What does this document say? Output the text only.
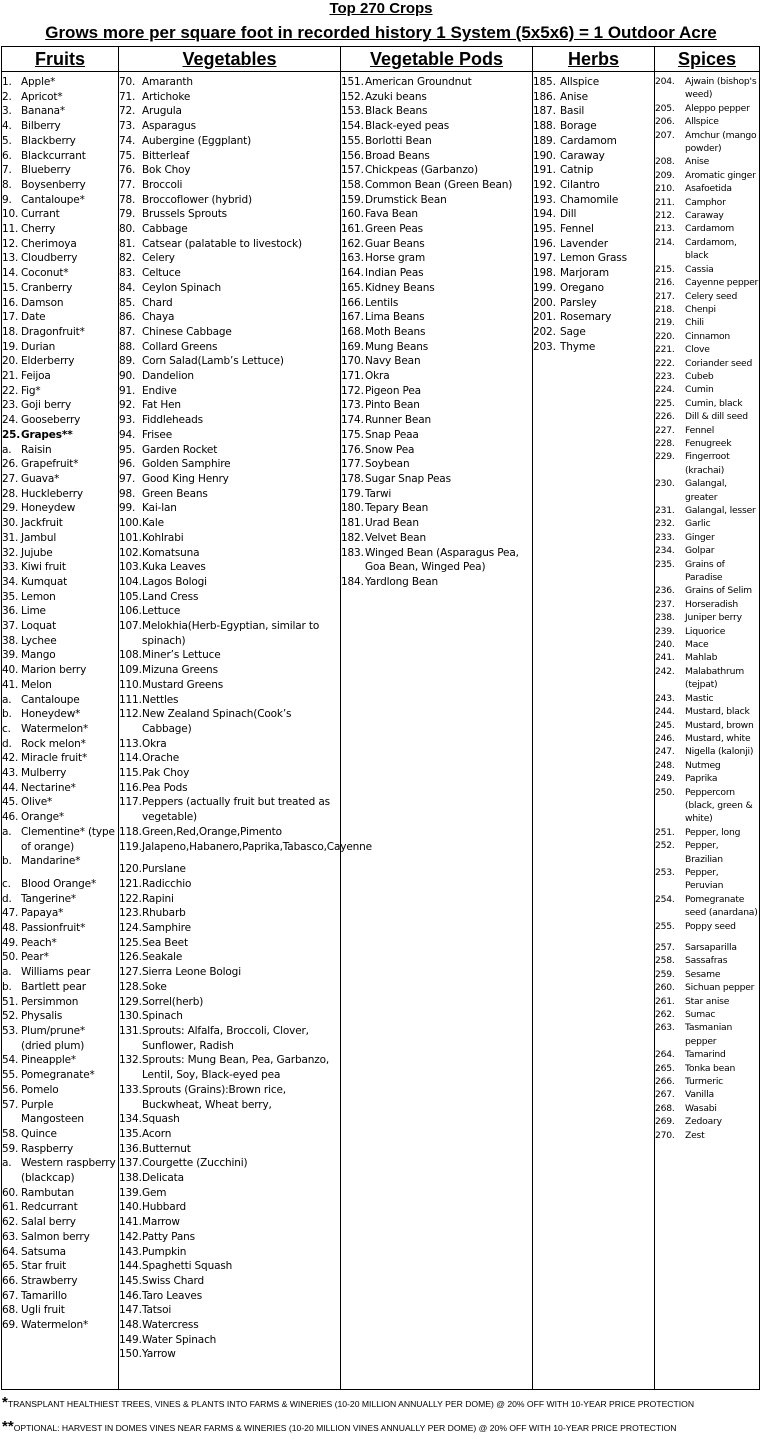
Top 270 Crops
Grows more per square foot in recorded history 1 System (5x5x6) = 1 Outdoor Acre
Fruits
1. Apple*
2. Apricot*
3. Banana*
4. Bilberry
5. Blackberry
6. Blackcurrant
7. Blueberry
8. Boysenberry
9. Cantaloupe*
10. Currant
11. Cherry
12. Cherimoya
13. Cloudberry
14. Coconut*
15. Cranberry
16. Damson
17. Date
18. Dragonfruit*
19. Durian
20. Elderberry
21. Feijoa
22. Fig*
23. Goji berry
24. Gooseberry
25. Grapes**
a. Raisin
26. Grapefruit*
27. Guava*
28. Huckleberry
29. Honeydew
30. Jackfruit
31. Jambul
32. Jujube
33. Kiwi fruit
34. Kumquat
35. Lemon
36. Lime
37. Loquat
38. Lychee
39. Mango
40. Marion berry
41. Melon
a. Cantaloupe
b. Honeydew*
c. Watermelon*
d. Rock melon*
42. Miracle fruit*
43. Mulberry
44. Nectarine*
45. Olive*
46. Orange*
a. Clementine* (type of orange)
b. Mandarine*
c. Blood Orange*
d. Tangerine*
47. Papaya*
48. Passionfruit*
49. Peach*
50. Pear*
a. Williams pear
b. Bartlett pear
51. Persimmon
52. Physalis
53. Plum/prune* (dried plum)
54. Pineapple*
55. Pomegranate*
56. Pomelo
57. Purple Mangosteen
58. Quince
59. Raspberry
a. Western raspberry (blackcap)
60. Rambutan
61. Redcurrant
62. Salal berry
63. Salmon berry
64. Satsuma
65. Star fruit
66. Strawberry
67. Tamarillo
68. Ugli fruit
69. Watermelon*
Vegetables
70. Amaranth
71. Artichoke
72. Arugula
73. Asparagus
74. Aubergine (Eggplant)
75. Bitterleaf
76. Bok Choy
77. Broccoli
78. Broccoflower (hybrid)
79. Brussels Sprouts
80. Cabbage
81. Catsear (palatable to livestock)
82. Celery
83. Celtuce
84. Ceylon Spinach
85. Chard
86. Chaya
87. Chinese Cabbage
88. Collard Greens
89. Corn Salad(Lamb’s Lettuce)
90. Dandelion
91. Endive
92. Fat Hen
93. Fiddleheads
94. Frisee
95. Garden Rocket
96. Golden Samphire
97. Good King Henry
98. Green Beans
99. Kai-lan
100. Kale
101. Kohlrabi
102. Komatsuna
103. Kuka Leaves
104. Lagos Bologi
105. Land Cress
106. Lettuce
107. Melokhia(Herb-Egyptian, similar to spinach)
108. Miner’s Lettuce
109. Mizuna Greens
110. Mustard Greens
111. Nettles
112. New Zealand Spinach(Cook’s Cabbage)
113. Okra
114. Orache
115. Pak Choy
116. Pea Pods
117. Peppers (actually fruit but treated as vegetable)
118. Green,Red,Orange,Pimento
119. Jalapeno,Habanero,Paprika,Tabasco,Cayenne
120. Purslane
121. Radicchio
122. Rapini
123. Rhubarb
124. Samphire
125. Sea Beet
126. Seakale
127. Sierra Leone Bologi
128. Soke
129. Sorrel(herb)
130. Spinach
131. Sprouts: Alfalfa, Broccoli, Clover, Sunflower, Radish
132. Sprouts: Mung Bean, Pea, Garbanzo, Lentil, Soy, Black-eyed pea
133. Sprouts (Grains):Brown rice, Buckwheat, Wheat berry,
134. Squash
135. Acorn
136. Butternut
137. Courgette (Zucchini)
138. Delicata
139. Gem
140. Hubbard
141. Marrow
142. Patty Pans
143. Pumpkin
144. Spaghetti Squash
145. Swiss Chard
146. Taro Leaves
147. Tatsoi
148. Watercress
149. Water Spinach
150. Yarrow
Vegetable Pods
151. American Groundnut
152. Azuki beans
153. Black Beans
154. Black-eyed peas
155. Borlotti Bean
156. Broad Beans
157. Chickpeas (Garbanzo)
158. Common Bean (Green Bean)
159. Drumstick Bean
160. Fava Bean
161. Green Peas
162. Guar Beans
163. Horse gram
164. Indian Peas
165. Kidney Beans
166. Lentils
167. Lima Beans
168. Moth Beans
169. Mung Beans
170. Navy Bean
171. Okra
172. Pigeon Pea
173. Pinto Bean
174. Runner Bean
175. Snap Peaa
176. Snow Pea
177. Soybean
178. Sugar Snap Peas
179. Tarwi
180. Tepary Bean
181. Urad Bean
182. Velvet Bean
183. Winged Bean (Asparagus Pea, Goa Bean, Winged Pea)
184. Yardlong Bean
Herbs
185. Allspice
186. Anise
187. Basil
188. Borage
189. Cardamom
190. Caraway
191. Catnip
192. Cilantro
193. Chamomile
194. Dill
195. Fennel
196. Lavender
197. Lemon Grass
198. Marjoram
199. Oregano
200. Parsley
201. Rosemary
202. Sage
203. Thyme
Spices
204.	Ajwain (bishop's weed)
205.	Aleppo pepper
206.	Allspice
207.	Amchur (mango powder)
208.	Anise
209.	Aromatic ginger
210.	Asafoetida
211.	Camphor
212.	Caraway
213.	Cardamom
214.	Cardamom, black
215.	Cassia
216.	Cayenne pepper
217.	Celery seed
218.	Chenpi
219.	Chili
220.	Cinnamon
221.	Clove
222.	Coriander seed
223.	Cubeb
224.	Cumin
225.	Cumin, black
226.	Dill & dill seed
227.	Fennel
228.	Fenugreek
229.	Fingerroot (krachai)
230.	Galangal, greater
231.	Galangal, lesser
232.	Garlic
233.	Ginger
234.	Golpar
235.	Grains of Paradise
236.	Grains of Selim
237.	Horseradish
238.	Juniper berry
239.	Liquorice
240.	Mace
241.	Mahlab
242.	Malabathrum (tejpat)
243.	Mastic
244.	Mustard, black
245.	Mustard, brown
246.	Mustard, white
247.	Nigella (kalonji)
248.	Nutmeg
249.	Paprika
250.	Peppercorn (black, green & white)
251.	Pepper, long
252.	Pepper, Brazilian
253.	Pepper, Peruvian
254.	Pomegranate seed (anardana)
255.	Poppy seed
257.	Sarsaparilla
258.	Sassafras
259.	Sesame
260.	Sichuan pepper
261.	Star anise
262.	Sumac
263.	Tasmanian pepper
264.	Tamarind
265.	Tonka bean
266.	Turmeric
267.	Vanilla
268.	Wasabi
269.	Zedoary
270.	Zest
*TRANSPLANT HEALTHIEST TREES, VINES & PLANTS INTO FARMS & WINERIES (10-20 MILLION ANNUALLY PER DOME) @ 20% OFF WITH 10-YEAR PRICE PROTECTION
**OPTIONAL: HARVEST IN DOMES VINES NEAR FARMS & WINERIES (10-20 MILLION VINES ANNUALLY PER DOME) @ 20% OFF WITH 10-YEAR PRICE PROTECTION
